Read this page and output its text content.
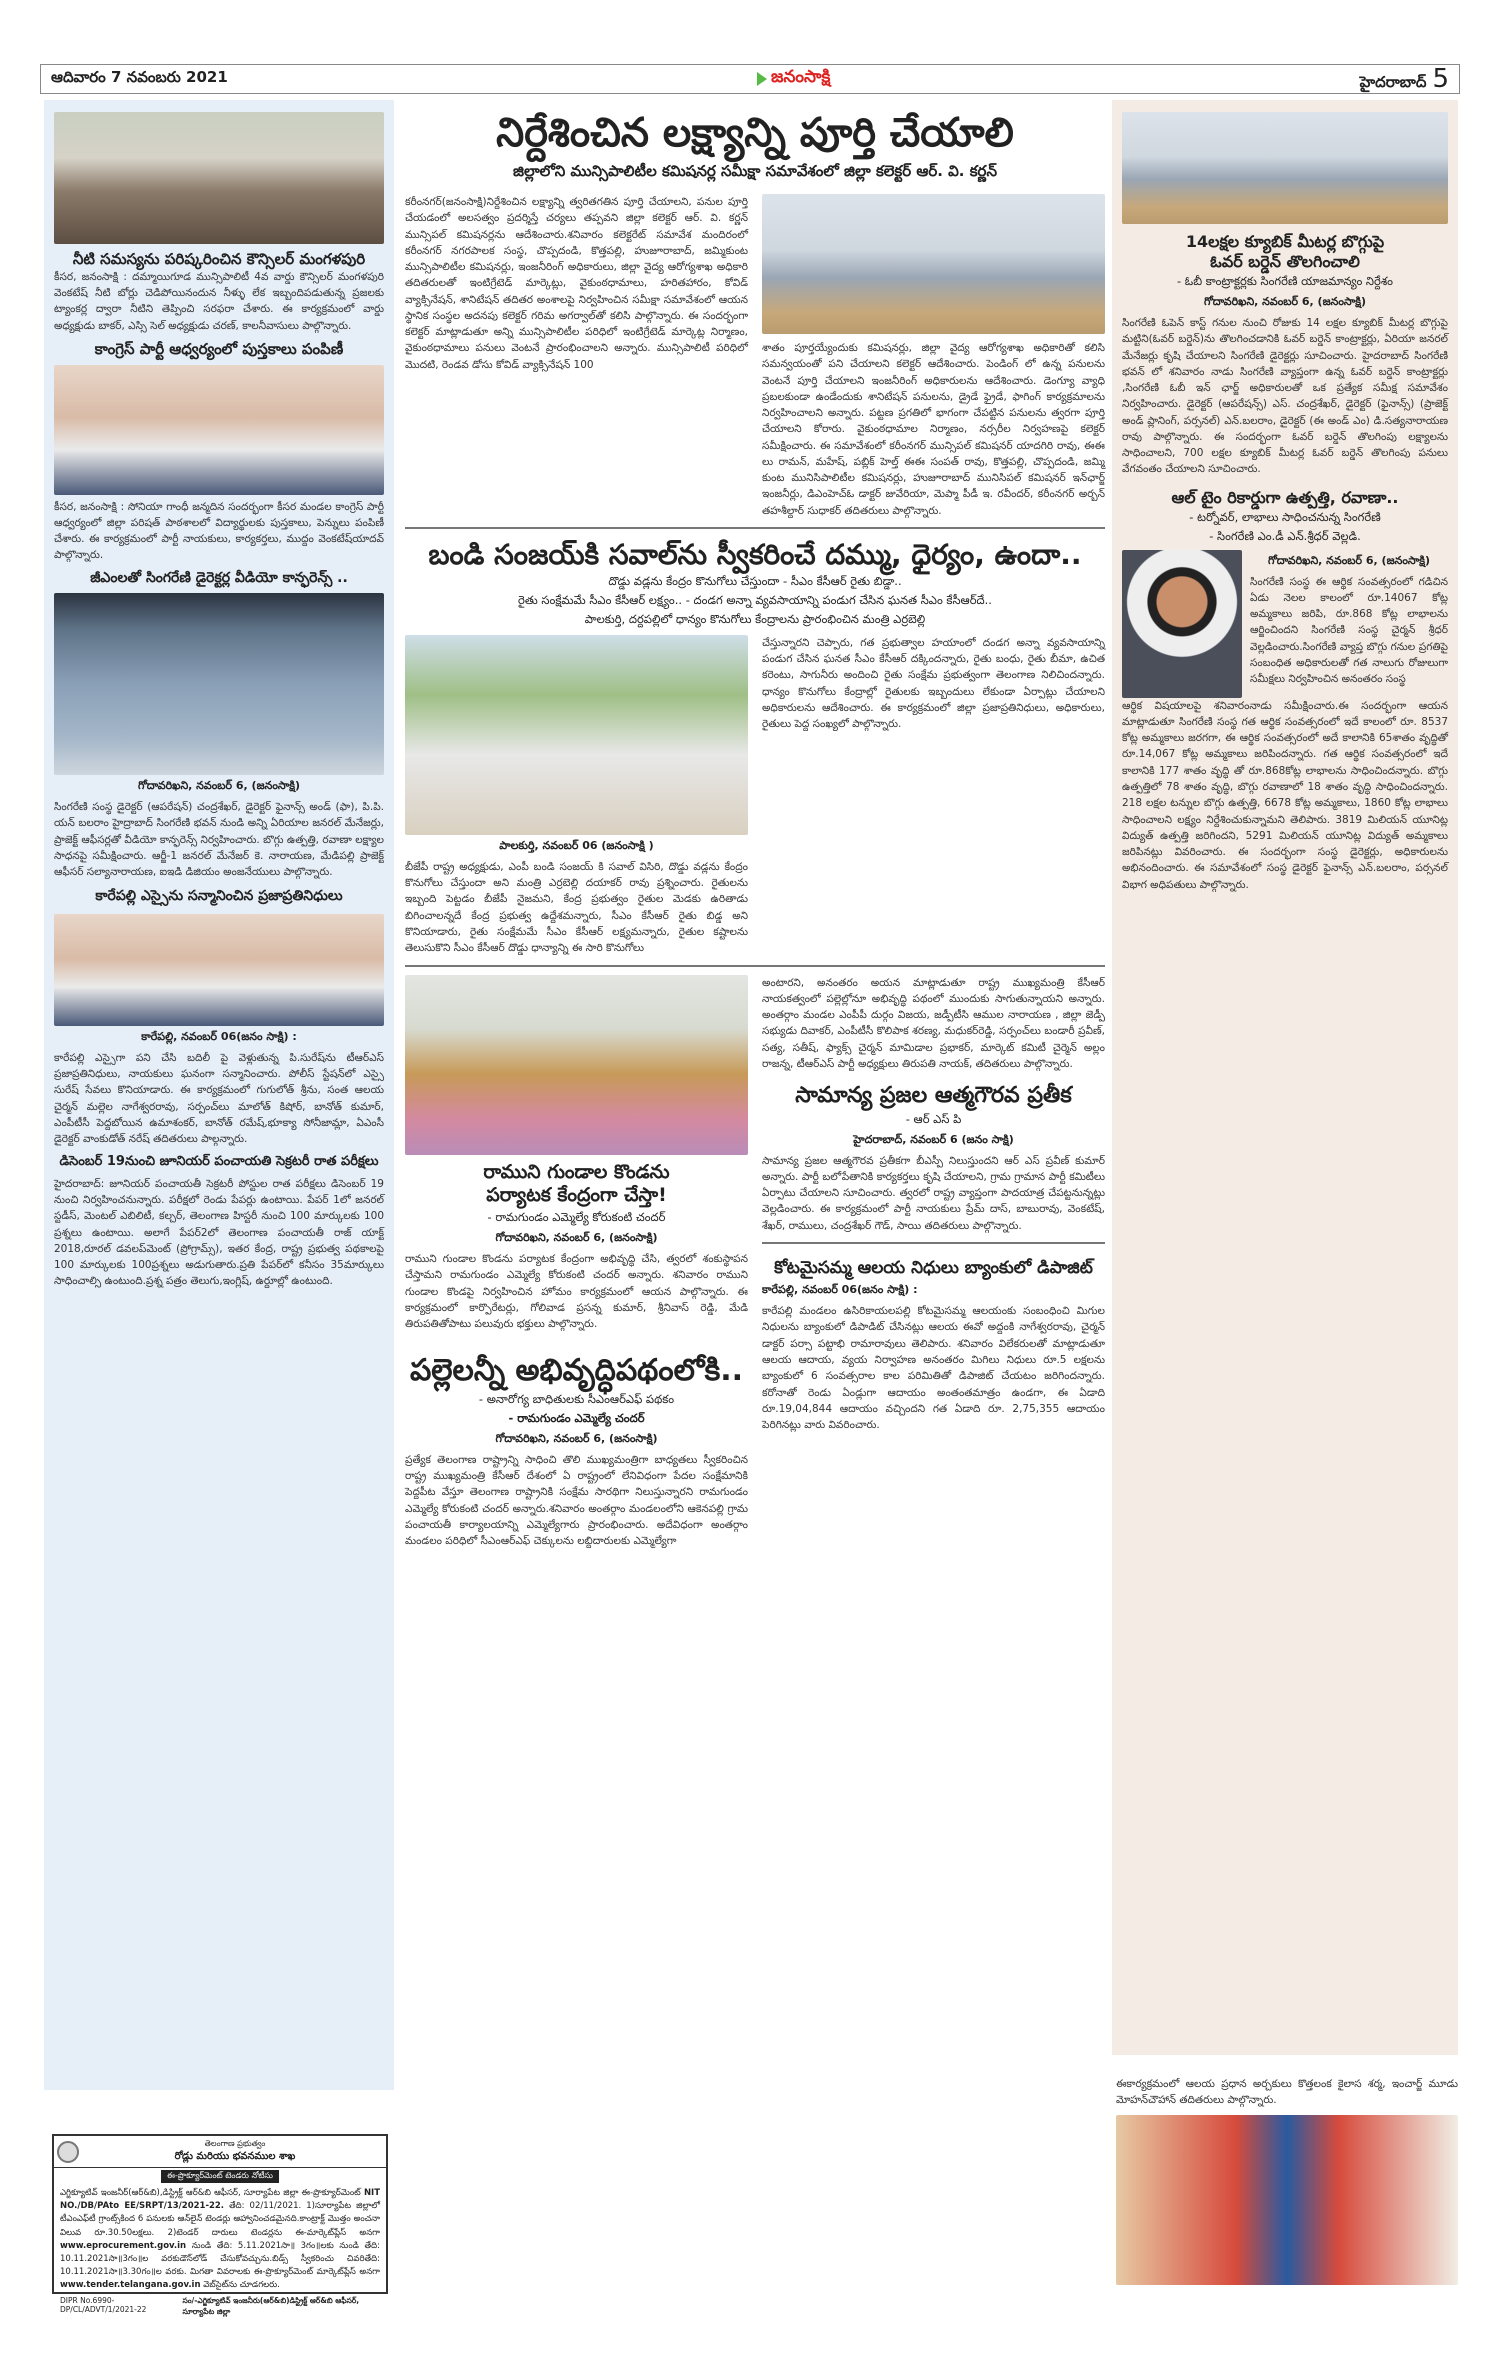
ఆదివారం 7 నవంబరు 2021	జనంసాక్షి	హైదరాబాద్ 5
నీటి సమస్యను పరిష్కరించిన కౌన్సిలర్ మంగళపురి
కీసర, జనంసాక్షి : దమ్మాయిగూడ మున్సిపాలిటీ 4వ వార్డు కౌన్సిలర్ మంగళపురి వెంకటేష్ నీటి బోర్లు చెడిపోయినందున నీళ్ళు లేక ఇబ్బందిపడుతున్న ప్రజలకు ట్యాంకర్ల ద్వారా నీటిని తెప్పించి సరఫరా చేశారు. ఈ కార్యక్రమంలో వార్డు అధ్యక్షుడు బాకర్, ఎస్సి సెల్ అధ్యక్షుడు చరణ్, కాలనీవాసులు పాల్గొన్నారు.
కాంగ్రెస్ పార్టీ ఆధ్వర్యంలో పుస్తకాలు పంపిణీ
కీసర, జనంసాక్షి : సోనియా గాంధీ జన్మదిన సందర్భంగా కీసర మండల కాంగ్రెస్ పార్టీ ఆధ్వర్యంలో జిల్లా పరిషత్ పాఠశాలలో విద్యార్థులకు పుస్తకాలు, పెన్నులు పంపిణీ చేశారు. ఈ కార్యక్రమంలో పార్టీ నాయకులు, కార్యకర్తలు, ముద్దం వెంకటేష్‌యాదవ్ పాల్గొన్నారు.
జీఎంలతో సింగరేణి డైరెక్టర్ల వీడియో కాన్ఫరెన్స్ ..
గోదావరిఖని, నవంబర్ 6, (జనంసాక్షి)
సింగరేణి సంస్థ డైరెక్టర్ (ఆపరేషన్) చంద్రశేఖర్, డైరెక్టర్ ఫైనాన్స్ అండ్ (ఫా), పి.పి. యన్ బలరాం హైద్రాబాద్ సింగరేణి భవన్ నుండి అన్ని ఏరియాల జనరల్ మేనేజర్లు, ప్రాజెక్ట్ ఆఫీసర్లతో వీడియో కాన్ఫరెన్స్ నిర్వహించారు. బొగ్గు ఉత్పత్తి, రవాణా లక్ష్యాల సాధనపై సమీక్షించారు. ఆర్జీ-1 జనరల్ మేనేజర్ కె. నారాయణ, మేడిపల్లి ప్రాజెక్ట్ ఆఫీసర్ సల్యానారాయణ, ఐఇడి డిజియం అంజనేయులు పాల్గొన్నారు.
కారేపల్లి ఎస్సైను సన్మానించిన ప్రజాప్రతినిధులు
కారేపల్లి, నవంబర్ 06(జనం సాక్షి) :
కారేపల్లి ఎస్సైగా పని చేసి బదిలీ పై వెళ్లుతున్న పి.సురేష్‌ను టీఆర్ఎస్ ప్రజాప్రతినిధులు, నాయకులు ఘనంగా సన్మానించారు. పోలీస్ స్టేషన్‌లో ఎస్సై సురేష్ సేవలు కొనియాడారు. ఈ కార్యక్రమంలో గుగులోత్ శ్రీను, సంత ఆలయ చైర్మన్ మల్లెల నాగేశ్వరరావు, సర్పంచ్‌లు మాలోత్ కిషోర్, బానోత్ కుమార్, ఎంపీటీసీ పెద్దబోయిన ఉమాశంకర్, బానోత్ రమేష్,భూక్యా సోనీజామ్లా, ఏఎంసీ డైరెక్టర్ వాంకుడోత్ నరేష్ తదితరులు పాల్గన్నారు.
డిసెంబర్ 19నుంచి జూనియర్ పంచాయతి సెక్రటరీ రాత పరీక్షలు
హైదరాబాద్: జూనియర్ పంచాయతీ సెక్రటరీ పోస్టుల రాత పరీక్షలు డిసెంబర్ 19 నుంచి నిర్వహించనున్నారు. పరీక్షలో రెండు పేపర్లు ఉంటాయి. పేపర్ 1లో జనరల్ స్టడీస్, మెంటల్ ఎబిలిటీ, కల్చర్, తెలంగాణ హిస్టరీ నుంచి 100 మార్కులకు 100 ప్రశ్నలు ఉంటాయి. అలాగే పేపర్2లో తెలంగాణ పంచాయతీ రాజ్ యాక్ట్ 2018,రూరల్ డవలప్‌మెంట్ (ప్రోగ్రామ్స్), ఇతర కేంద్ర, రాష్ట్ర ప్రభుత్వ పథకాలపై 100 మార్కులకు 100ప్రశ్నలు అడుగుతారు.ప్రతి పేపర్‌లో కనీసం 35మార్కులు సాధించాల్సి ఉంటుంది.ప్రశ్న పత్రం తెలుగు,ఇంగ్లిష్, ఉర్దూల్లో ఉంటుంది.
తెలంగాణ ప్రభుత్వం
రోడ్లు మరియు భవనముల శాఖ
ఈ-ప్రొక్యూర్‌మెంట్ టెండరు నోటీసు
ఎగ్జిక్యూటివ్ ఇంజనీర్(ఆర్&బి),డిస్ట్రిక్ట్ ఆర్&బి ఆఫీసర్, సూర్యాపేట జిల్లా ఈ-ప్రొక్యూర్‌మెంట్ NIT NO./DB/PAto EE/SRPT/13/2021-22. తేది: 02/11/2021. 1)సూర్యాపేట జిల్లాలో టీఎంఎఫ్‌టీ గ్రాంట్స్‌కింద 6 పనులకు ఆన్‌లైన్ టెండర్లు ఆహ్వానించడమైనది.కాంట్రాక్ట్ మొత్తం అంచనా విలువ రూ.30.50లక్షలు. 2)టెండర్ దారులు టెండర్లను ఈ-మార్కెట్‌ప్లేస్ అనగా www.eprocurement.gov.in నుండి తేది: 5.11.2021సా॥ 3గం॥లకు నుండి తేది: 10.11.2021సా॥3గం॥ల వరకుడౌన్‌లోడ్ చేసుకోవచ్చును.బిడ్స్ స్వీకరించు చివరితేది: 10.11.2021సా॥3.30గం॥ల వరకు. మిగతా వివరాలకు ఈ-ప్రొక్యూర్‌మెంట్ మార్కెట్‌ప్లేస్ అనగా www.tender.telangana.gov.in వెబ్‌సైట్‌ను చూడగలరు.
DIPR No.6990-DP/CL/ADVT/1/2021-22
సం/-ఎగ్జిక్యూటివ్ ఇంజనీరు(ఆర్&బి)డిస్ట్రిక్ట్ ఆర్&బి ఆఫీసర్, సూర్యాపేట జిల్లా
నిర్దేశించిన లక్ష్యాన్ని పూర్తి చేయాలి
జిల్లాలోని మున్సిపాలిటీల కమిషనర్ల సమీక్షా సమావేశంలో జిల్లా కలెక్టర్ ఆర్. వి. కర్ణన్
కరీంనగర్(జనంసాక్షి)నిర్దేశించిన లక్ష్యాన్ని త్వరితగతిన పూర్తి చేయాలని, పనుల పూర్తి చేయడంలో అలసత్వం ప్రదర్శిస్తే చర్యలు తప్పవని జిల్లా కలెక్టర్ ఆర్. వి. కర్ణన్ మున్సిపల్ కమిషనర్లను ఆదేశించారు.శనివారం కలెక్టరేట్ సమావేశ మందిరంలో కరీంనగర్ నగరపాలక సంస్థ, చొప్పదండి, కొత్తపల్లి, హుజూరాబాద్, జమ్మికుంట మున్సిపాలిటీల కమిషనర్లు, ఇంజనీరింగ్ అధికారులు, జిల్లా వైద్య ఆరోగ్యశాఖ అధికారి తదితరులతో ఇంటిగ్రేటెడ్ మార్కెట్లు, వైకుంఠధామాలు, హరితహారం, కోవిడ్ వ్యాక్సినేషన్, శానిటేషన్ తదితర అంశాలపై నిర్వహించిన సమీక్షా సమావేశంలో ఆయన స్థానిక సంస్థల అదనపు కలెక్టర్ గరిమ అగర్వాల్‌తో కలిసి పాల్గొన్నారు. ఈ సందర్భంగా కలెక్టర్ మాట్లాడుతూ అన్ని మున్సిపాలిటీల పరిధిలో ఇంటిగ్రేటెడ్ మార్కెట్ల నిర్మాణం, వైకుంఠధామాలు పనులు వెంటనే ప్రారంభించాలని అన్నారు. మున్సిపాలిటీ పరిధిలో మొదటి, రెండవ డోసు కోవిడ్ వ్యాక్సినేషన్ 100
శాతం పూర్తయ్యేందుకు కమిషనర్లు, జిల్లా వైద్య ఆరోగ్యశాఖ అధికారితో కలిసి సమన్వయంతో పని చేయాలని కలెక్టర్ ఆదేశించారు. పెండింగ్ లో ఉన్న పనులను వెంటనే పూర్తి చేయాలని ఇంజనీరింగ్ అధికారులను ఆదేశించారు. డెంగ్యూ వ్యాధి ప్రబలకుండా ఉండేందుకు శానిటేషన్ పనులను, డ్రైడే ఫ్రైడే, ఫాగింగ్ కార్యక్రమాలను నిర్వహించాలని అన్నారు. పట్టణ ప్రగతిలో భాగంగా చేపట్టిన పనులను త్వరగా పూర్తి చేయాలని కోరారు. వైకుంఠధామాల నిర్మాణం, నర్సరీల నిర్వహణపై కలెక్టర్ సమీక్షించారు. ఈ సమావేశంలో కరీంనగర్ మున్సిపల్ కమిషనర్ యాదగిరి రావు, ఈఈ లు రామన్, మహేష్, పబ్లిక్ హెల్త్ ఈఈ సంపత్ రావు, కొత్తపల్లి, చొప్పదండి, జమ్మి కుంట మునిసిపాలిటీల కమిషనర్లు, హుజూరాబాద్ మునిసిపల్ కమిషనర్ ఇన్‌ఛార్జ్ ఇంజనీర్లు, డిఎంహెచ్‌ఓ డాక్టర్ జువేరియా, మెప్మా పీడీ ఇ. రవీందర్, కరీంనగర్ అర్బన్ తహశీల్దార్ సుధాకర్ తదితరులు పాల్గొన్నారు.
బండి సంజయ్‌కి సవాల్‌ను స్వీకరించే దమ్ము, ధైర్యం, ఉందా..
దొడ్డు వడ్లను కేంద్రం కొనుగోలు చేస్తుందా - సీఎం కేసీఆర్ రైతు బిడ్డా..
రైతు సంక్షేమమే సీఎం కేసీఆర్ లక్ష్యం.. - దండగ అన్నా వ్యవసాయాన్ని పండుగ చేసిన ఘనత సీఎం కేసీఆర్‌దే..
పాలకుర్తి, దర్దపల్లిలో ధాన్యం కొనుగోలు కేంద్రాలను ప్రారంభించిన మంత్రి ఎర్రబెల్లి
పాలకుర్తి, నవంబర్ 06 (జనంసాక్షి )
బీజేపీ రాష్ట్ర అధ్యక్షుడు, ఎంపీ బండి సంజయ్ కి సవాల్ విసిరి, దొడ్డు వడ్లను కేంద్రం కొనుగోలు చేస్తుందా అని మంత్రి ఎర్రబెల్లి దయాకర్ రావు ప్రశ్నించారు. రైతులను ఇబ్బంది పెట్టడం బీజేపీ నైజమని, కేంద్ర ప్రభుత్వం రైతుల మెడకు ఉరితాడు బిగించాలన్నదే కేంద్ర ప్రభుత్వ ఉద్దేశమన్నారు, సీఎం కేసీఆర్ రైతు బిడ్డ అని కొనియాడారు, రైతు సంక్షేమమే సీఎం కేసీఆర్ లక్ష్యమన్నారు, రైతుల కష్టాలను తెలుసుకొని సీఎం కేసీఆర్ దొడ్డు ధాన్యాన్ని ఈ సారి కొనుగోలు
చేస్తున్నారని చెప్పారు, గత ప్రభుత్వాల హయాంలో దండగ అన్నా వ్యవసాయాన్ని పండుగ చేసిన ఘనత సీఎం కేసీఆర్ దక్కిందన్నారు, రైతు బంధు, రైతు బీమా, ఉచిత కరెంటు, సాగునీరు అందించి రైతు సంక్షేమ ప్రభుత్వంగా తెలంగాణ నిలిచిందన్నారు. ధాన్యం కొనుగోలు కేంద్రాల్లో రైతులకు ఇబ్బందులు లేకుండా ఏర్పాట్లు చేయాలని అధికారులను ఆదేశించారు. ఈ కార్యక్రమంలో జిల్లా ప్రజాప్రతినిధులు, అధికారులు, రైతులు పెద్ద సంఖ్యలో పాల్గొన్నారు.
రాముని గుండాల కొండను
పర్యాటక కేంద్రంగా చేస్తా!
- రామగుండం ఎమ్మెల్యే కోరుకంటి చందర్
గోదావరిఖని, నవంబర్ 6, (జనంసాక్షి)
రాముని గుండాల కొండను పర్యాటక కేంద్రంగా అభివృద్ధి చేసి, త్వరలో శంకుస్థాపన చేస్తామని రామగుండం ఎమ్మెల్యే కోరుకంటి చందర్ అన్నారు. శనివారం రాముని గుండాల కొండపై నిర్వహించిన హోమం కార్యక్రమంలో ఆయన పాల్గొన్నారు. ఈ కార్యక్రమంలో కార్పొరేటర్లు, గోలివాడ ప్రసన్న కుమార్, శ్రీనివాస్ రెడ్డి, మేడి తిరుపతితోపాటు పలువురు భక్తులు పాల్గొన్నారు.
పల్లెలన్నీ అభివృద్ధిపథంలోకి..
- అనారోగ్య బాధితులకు సీఎంఆర్ఎఫ్ పథకం
- రామగుండం ఎమ్మెల్యే చందర్
గోదావరిఖని, నవంబర్ 6, (జనంసాక్షి)
ప్రత్యేక తెలంగాణ రాష్ట్రాన్ని సాధించి తొలి ముఖ్యమంత్రిగా బాధ్యతలు స్వీకరించిన రాష్ట్ర ముఖ్యమంత్రి కేసీఆర్ దేశంలో ఏ రాష్ట్రంలో లేనివిధంగా పేదల సంక్షేమానికి పెద్దపీట వేస్తూ తెలంగాణ రాష్ట్రానికి సంక్షేమ సారథిగా నిలుస్తున్నారని రామగుండం ఎమ్మెల్యే కోరుకంటి చందర్ అన్నారు.శనివారం అంతర్గాం మండలంలోని ఆకెనపల్లి గ్రామ పంచాయతీ కార్యాలయాన్ని ఎమ్మెల్యేగారు ప్రారంభించారు. అదేవిధంగా అంతర్గాం మండలం పరిధిలో సీఎంఆర్ఎఫ్ చెక్కులను లబ్దిదారులకు ఎమ్మెల్యేగా
అంటారని, అనంతరం అయన మాట్లాడుతూ రాష్ట్ర ముఖ్యమంత్రి కేసీఆర్ నాయకత్వంలో పల్లెల్లోనూ అభివృద్ధి పథంలో ముందుకు సాగుతున్నాయని అన్నారు. అంతర్గాం మండల ఎంపీపీ దుర్గం విజయ, జడ్పీటీసి ఆముల నారాయణ , జిల్లా జెడ్పీ సభ్యుడు దివాకర్, ఎంపీటీసీ కొలిపాక శరణ్య, మధుకర్‌రెడ్డి, సర్పంచ్‌లు బండారీ ప్రవీణ్, సత్య, సతీష్, ఫ్యాక్స్ చైర్మన్ మామిడాల ప్రభాకర్, మార్కెట్ కమిటీ చైర్మెన్ అల్లం రాజన్న, టీఆర్ఎస్ పార్టీ అధ్యక్షులు తిరుపతి నాయక్, తదితరులు పాల్గొన్నారు.
సామాన్య ప్రజల ఆత్మగౌరవ ప్రతీక
- ఆర్ ఎస్ పి
హైదరాబాద్, నవంబర్ 6 (జనం సాక్షి)
సామాన్య ప్రజల ఆత్మగౌరవ ప్రతీకగా బీఎస్పీ నిలుస్తుందని ఆర్ ఎస్ ప్రవీణ్ కుమార్ అన్నారు. పార్టీ బలోపేతానికి కార్యకర్తలు కృషి చేయాలని, గ్రామ గ్రామాన పార్టీ కమిటీలు ఏర్పాటు చేయాలని సూచించారు. త్వరలో రాష్ట్ర వ్యాప్తంగా పాదయాత్ర చేపట్టనున్నట్లు వెల్లడించారు. ఈ కార్యక్రమంలో పార్టీ నాయకులు ప్రేమ్ దాస్, బాబురావు, వెంకటేష్, శేఖర్, రాములు, చంద్రశేఖర్ గౌడ్, సాయి తదితరులు పాల్గొన్నారు.
కోటమైసమ్మ ఆలయ నిధులు బ్యాంకులో డిపాజిట్
కారేపల్లి, నవంబర్ 06(జనం సాక్షి) :
కారేపల్లి మండలం ఉసిరికాయలపల్లి కోటమైసమ్మ ఆలయంకు సంబంధించి మిగుల నిధులను బ్యాంకులో డిపాడిట్ చేసినట్లు ఆలయ ఈవో అద్దంకి నాగేశ్వరరావు, చైర్మన్ డాక్టర్ పర్సా పట్టాభి రామారావులు తెలిపారు. శనివారం విలేకరులతో మాట్లాడుతూ ఆలయ ఆదాయ, వ్యయ నిర్వాహణ అనంతరం మిగిలు నిధులు రూ.5 లక్షలను బ్యాంకులో 6 సంవత్సరాల కాల పరిమితితో డిపాజిట్ చేయటం జరిగిందన్నారు. కరోనాతో రెండు ఏండ్లుగా ఆదాయం అంతంతమాత్రం ఉండగా, ఈ ఏడాది రూ.19,04,844 ఆదాయం వచ్చిందని గత ఏడాది రూ. 2,75,355 ఆదాయం పెరిగినట్లు వారు వివరించారు.
14లక్షల క్యూబిక్ మీటర్ల బొగ్గుపై
ఓవర్ బర్డెన్ తొలగించాలి
- ఓబీ కాంట్రాక్టర్లకు సింగరేణి యాజమాన్యం నిర్దేశం
గోదావరిఖని, నవంబర్ 6, (జనంసాక్షి)
సింగరేణి ఓపెన్ కాస్ట్ గనుల నుంచి రోజుకు 14 లక్షల క్యూబిక్ మీటర్ల బొగ్గుపై మట్టిని(ఓవర్ బర్డెన్)ను తొలగించడానికి ఓవర్ బర్డెన్ కాంట్రాక్టర్లు, ఏరియా జనరల్ మేనేజర్లు కృషి చేయాలని సింగరేణి డైరెక్టర్లు సూచించారు. హైదరాబాద్ సింగరేణి భవన్ లో శనివారం నాడు సింగరేణి వ్యాప్తంగా ఉన్న ఓవర్ బర్డెన్ కాంట్రాక్టర్లు ,సింగరేణి ఓబీ ఇన్ ఛార్జ్ అధికారులతో ఒక ప్రత్యేక సమీక్ష సమావేశం నిర్వహించారు. డైరెక్టర్ (ఆపరేషన్స్) ఎస్. చంద్రశేఖర్, డైరెక్టర్ (ఫైనాన్స్) (ప్రాజెక్ట్ అండ్ ప్లానింగ్, పర్సనల్) ఎన్.బలరాం, డైరెక్టర్ (ఈ అండ్ ఎం) డి.సత్యనారాయణ రావు పాల్గొన్నారు. ఈ సందర్భంగా ఓవర్ బర్డెన్ తొలగింపు లక్ష్యాలను సాధించాలని, 700 లక్షల క్యూబిక్ మీటర్ల ఓవర్ బర్డెన్ తొలగింపు పనులు వేగవంతం చేయాలని సూచించారు.
ఆల్ టైం రికార్డుగా ఉత్పత్తి, రవాణా..
- టర్నోవర్, లాభాలు సాధించనున్న సింగరేణి
- సింగరేణి ఎం.డీ ఎన్.శ్రీధర్ వెల్లడి.
గోదావరిఖని, నవంబర్ 6, (జనంసాక్షి)
సింగరేణి సంస్థ ఈ ఆర్థిక సంవత్సరంలో గడిచిన ఏడు నెలల కాలంలో రూ.14067 కోట్ల అమ్మకాలు జరిపి, రూ.868 కోట్ల లాభాలను ఆర్జించిందని సింగరేణి సంస్థ చైర్మన్ శ్రీధర్ వెల్లడించారు.సింగరేణి వ్యాప్త బొగ్గు గనుల ప్రగతిపై సంబంధిత అధికారులతో గత నాలుగు రోజులుగా సమీక్షలు నిర్వహించిన అనంతరం సంస్థ
ఆర్థిక విషయాలపై శనివారంనాడు సమీక్షించారు.ఈ సందర్భంగా ఆయన మాట్లాడుతూ సింగరేణి సంస్థ గత ఆర్థిక సంవత్సరంలో ఇదే కాలంలో రూ. 8537 కోట్ల అమ్మకాలు జరగగా, ఈ ఆర్థిక సంవత్సరంలో అదే కాలానికి 65శాతం వృద్ధితో రూ.14,067 కోట్ల అమ్మకాలు జరిపిందన్నారు. గత ఆర్థిక సంవత్సరంలో ఇదే కాలానికి 177 శాతం వృద్ధి తో రూ.868కోట్ల లాభాలను సాధించిందన్నారు. బొగ్గు ఉత్పత్తిలో 78 శాతం వృద్ధి, బొగ్గు రవాణాలో 18 శాతం వృద్ధి సాధించిందన్నారు. 218 లక్షల టన్నుల బొగ్గు ఉత్పత్తి, 6678 కోట్ల అమ్మకాలు, 1860 కోట్ల లాభాలు సాధించాలని లక్ష్యం నిర్దేశించుకున్నామని తెలిపారు. 3819 మిలియన్ యూనిట్ల విద్యుత్ ఉత్పత్తి జరిగిందని, 5291 మిలియన్ యూనిట్ల విద్యుత్ అమ్మకాలు జరిపినట్లు వివరించారు. ఈ సందర్భంగా సంస్థ డైరెక్టర్లు, అధికారులను అభినందించారు. ఈ సమావేశంలో సంస్థ డైరెక్టర్ ఫైనాన్స్ ఎన్.బలరాం, పర్సనల్ విభాగ అధిపతులు పాల్గొన్నారు.
ఈకార్యక్రమంలో ఆలయ ప్రధాన అర్చకులు కొత్తలంక కైలాస శర్మ, ఇంచార్జ్ మూడు మోహన్‌చౌహాన్ తదితరులు పాల్గొన్నారు.
